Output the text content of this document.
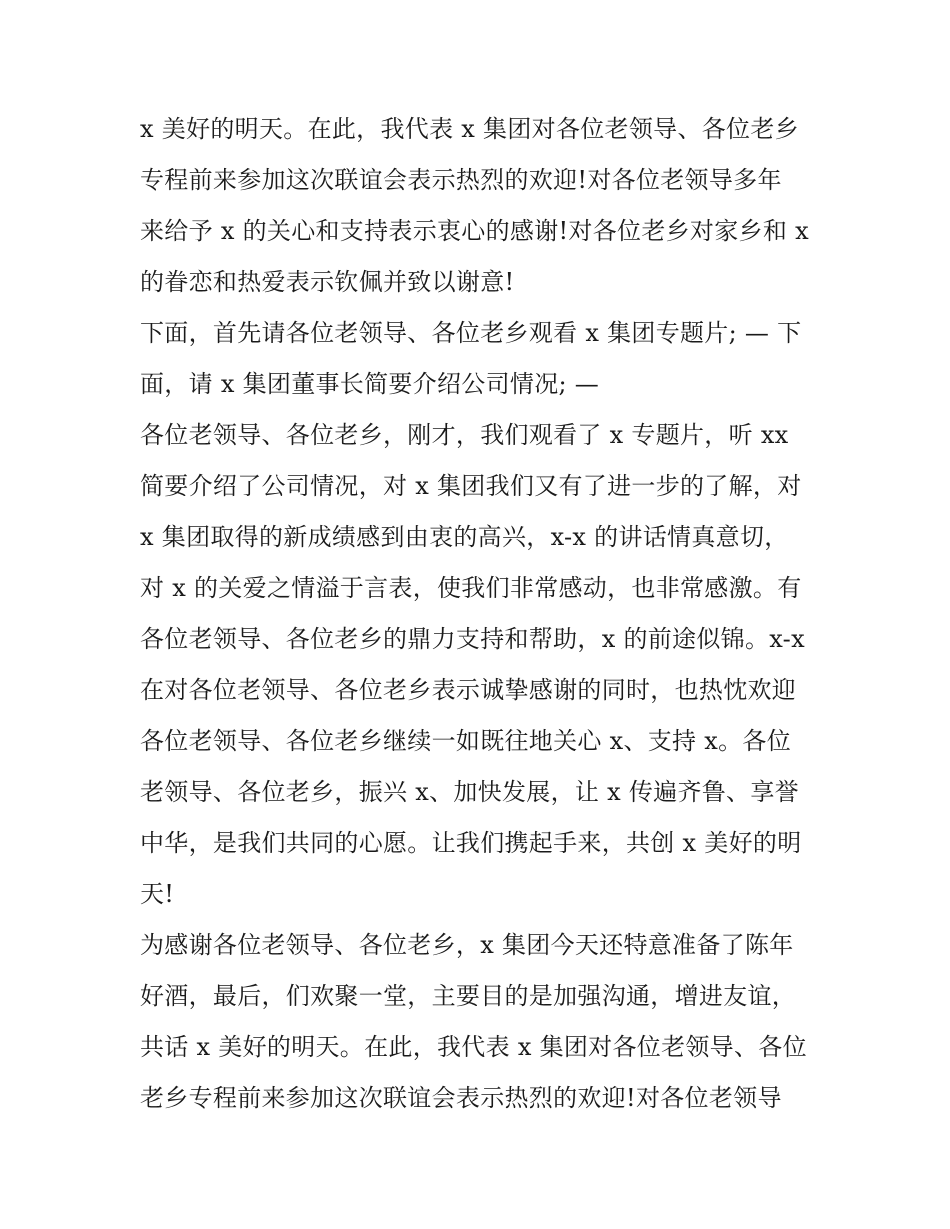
x 美好的明天。在此，我代表 x 集团对各位老领导、各位老乡
专程前来参加这次联谊会表示热烈的欢迎!对各位老领导多年
来给予 x 的关心和支持表示衷心的感谢!对各位老乡对家乡和 x
的眷恋和热爱表示钦佩并致以谢意!
下面，首先请各位老领导、各位老乡观看 x 集团专题片; — 下
面，请 x 集团董事长简要介绍公司情况; —
各位老领导、各位老乡，刚才，我们观看了 x 专题片，听 xx
简要介绍了公司情况，对 x 集团我们又有了进一步的了解，对
x 集团取得的新成绩感到由衷的高兴，x-x 的讲话情真意切，
对 x 的关爱之情溢于言表，使我们非常感动，也非常感激。有
各位老领导、各位老乡的鼎力支持和帮助，x 的前途似锦。x-x
在对各位老领导、各位老乡表示诚挚感谢的同时，也热忱欢迎
各位老领导、各位老乡继续一如既往地关心 x、支持 x。各位
老领导、各位老乡，振兴 x、加快发展，让 x 传遍齐鲁、享誉
中华，是我们共同的心愿。让我们携起手来，共创 x 美好的明
天!
为感谢各位老领导、各位老乡，x 集团今天还特意准备了陈年
好酒，最后，们欢聚一堂，主要目的是加强沟通，增进友谊，
共话 x 美好的明天。在此，我代表 x 集团对各位老领导、各位
老乡专程前来参加这次联谊会表示热烈的欢迎!对各位老领导
